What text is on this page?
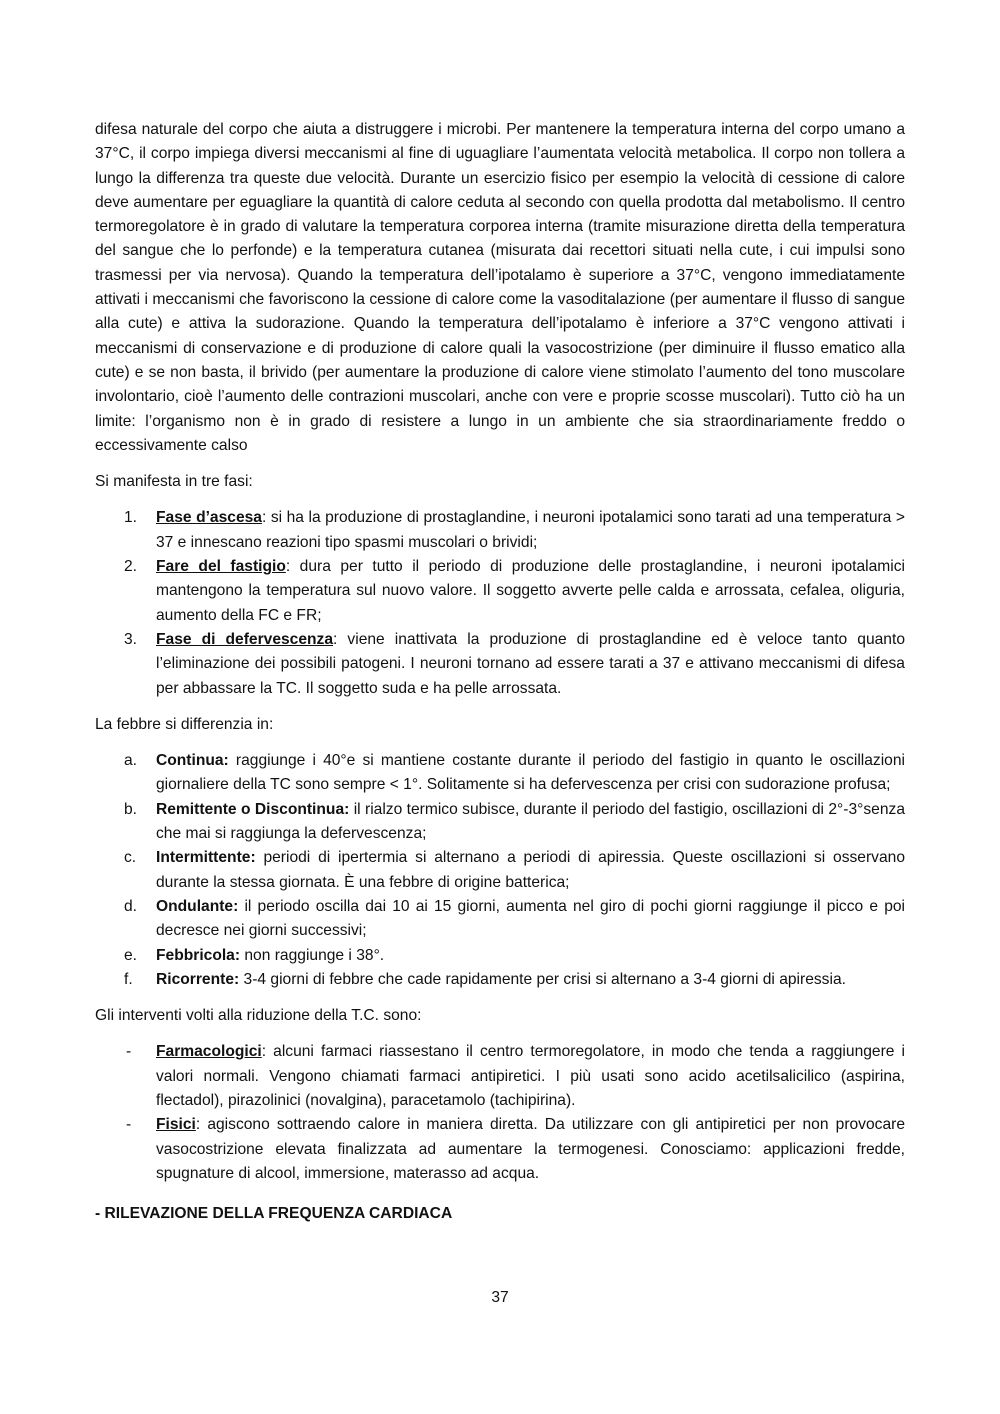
difesa naturale del corpo che aiuta a distruggere i microbi. Per mantenere la temperatura interna del corpo umano a 37°C, il corpo impiega diversi meccanismi al fine di uguagliare l’aumentata velocità metabolica. Il corpo non tollera a lungo la differenza tra queste due velocità. Durante un esercizio fisico per esempio la velocità di cessione di calore deve aumentare per eguagliare la quantità di calore ceduta al secondo con quella prodotta dal metabolismo. Il centro termoregolatore è in grado di valutare la temperatura corporea interna (tramite misurazione diretta della temperatura del sangue che lo perfonde) e la temperatura cutanea (misurata dai recettori situati nella cute, i cui impulsi sono trasmessi per via nervosa). Quando la temperatura dell’ipotalamo è superiore a 37°C, vengono immediatamente attivati i meccanismi che favoriscono la cessione di calore come la vasoditalazione (per aumentare il flusso di sangue alla cute) e attiva la sudorazione. Quando la temperatura dell’ipotalamo è inferiore a 37°C vengono attivati i meccanismi di conservazione e di produzione di calore quali la vasocostrizione (per diminuire il flusso ematico alla cute) e se non basta, il brivido (per aumentare la produzione di calore viene stimolato l’aumento del tono muscolare involontario, cioè l’aumento delle contrazioni muscolari, anche con vere e proprie scosse muscolari). Tutto ciò ha un limite: l’organismo non è in grado di resistere a lungo in un ambiente che sia straordinariamente freddo o eccessivamente calso

Si manifesta in tre fasi:

1. Fase d’ascesa: si ha la produzione di prostaglandine, i neuroni ipotalamici sono tarati ad una temperatura > 37 e innescano reazioni tipo spasmi muscolari o brividi;
2. Fare del fastigio: dura per tutto il periodo di produzione delle prostaglandine, i neuroni ipotalamici mantengono la temperatura sul nuovo valore. Il soggetto avverte pelle calda e arrossata, cefalea, oliguria, aumento della FC e FR;
3. Fase di defervescenza: viene inattivata la produzione di prostaglandine ed è veloce tanto quanto l’eliminazione dei possibili patogeni. I neuroni tornano ad essere tarati a 37 e attivano meccanismi di difesa per abbassare la TC. Il soggetto suda e ha pelle arrossata.

La febbre si differenzia in:

a. Continua: raggiunge i 40°e si mantiene costante durante il periodo del fastigio in quanto le oscillazioni giornaliere della TC sono sempre < 1°. Solitamente si ha defervescenza per crisi con sudorazione profusa;
b. Remittente o Discontinua: il rialzo termico subisce, durante il periodo del fastigio, oscillazioni di 2°-3°senza che mai si raggiunga la defervescenza;
c. Intermittente: periodi di ipertermia si alternano a periodi di apiressia. Queste oscillazioni si osservano durante la stessa giornata. È una febbre di origine batterica;
d. Ondulante: il periodo oscilla dai 10 ai 15 giorni, aumenta nel giro di pochi giorni raggiunge il picco e poi decresce nei giorni successivi;
e. Febbricola: non raggiunge i 38°.
f. Ricorrente: 3-4 giorni di febbre che cade rapidamente per crisi si alternano a 3-4 giorni di apiressia.

Gli interventi volti alla riduzione della T.C. sono:

- Farmacologici: alcuni farmaci riassestano il centro termoregolatore, in modo che tenda a raggiungere i valori normali. Vengono chiamati farmaci antipiretici. I più usati sono acido acetilsalicilico (aspirina, flectadol), pirazolinici (novalgina), paracetamolo (tachipirina).
- Fisici: agiscono sottraendo calore in maniera diretta. Da utilizzare con gli antipiretici per non provocare vasocostrizione elevata finalizzata ad aumentare la termogenesi. Conosciamo: applicazioni fredde, spugnature di alcool, immersione, materasso ad acqua.

- RILEVAZIONE DELLA FREQUENZA CARDIACA

37
